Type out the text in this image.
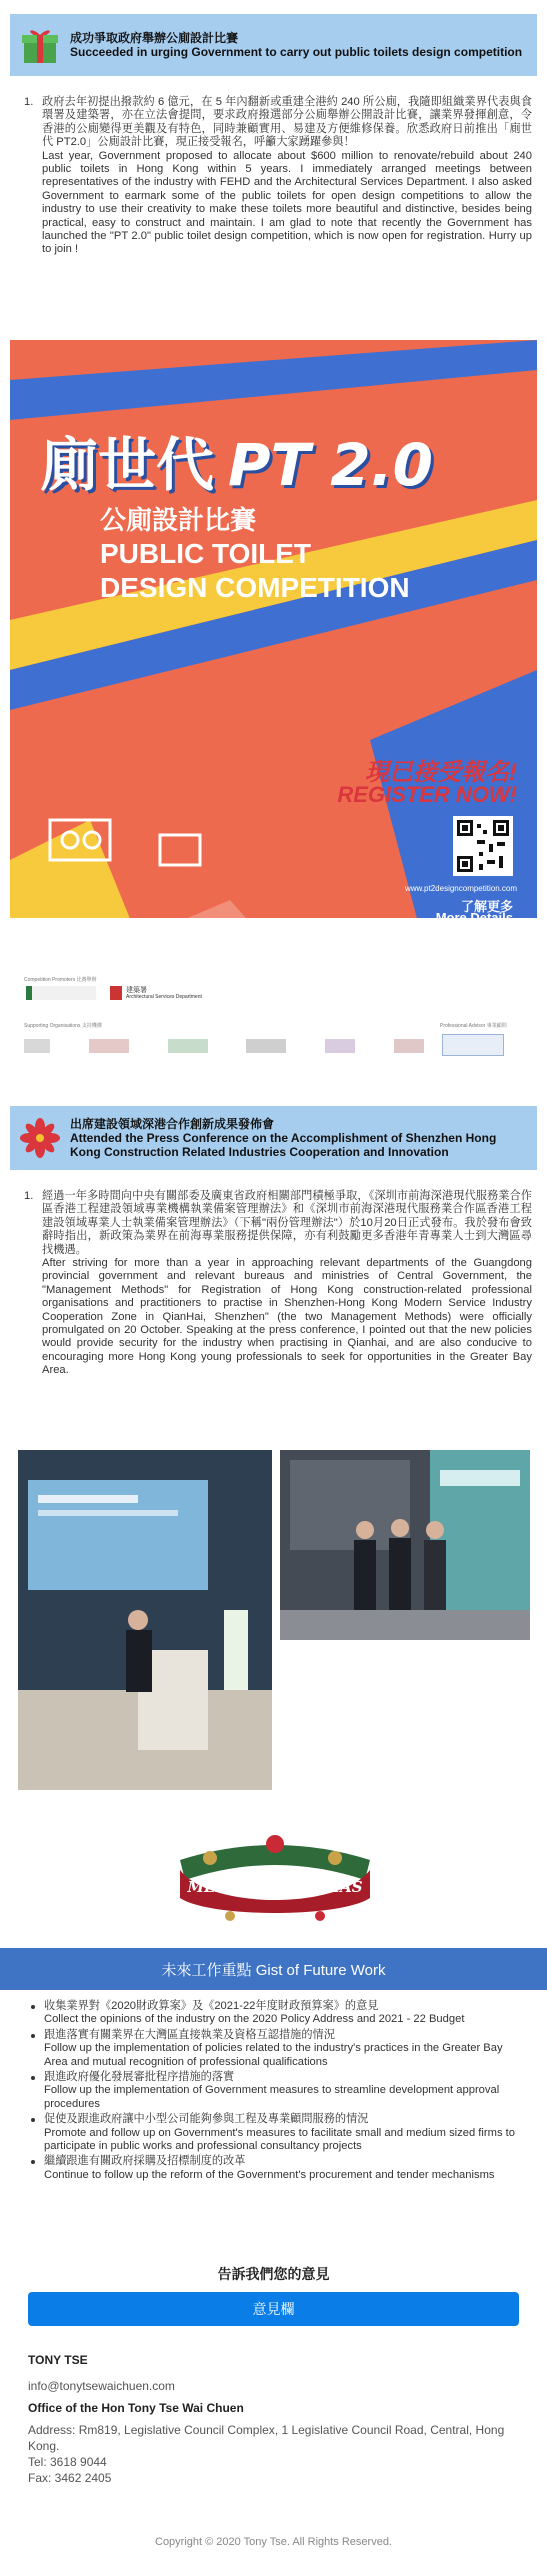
成功爭取政府舉辦公廁設計比賽
Succeeded in urging Government to carry out public toilets design competition
1. 政府去年初提出撥款約 6 億元，在 5 年內翻新或重建全港約 240 所公廁，我隨即組織業界代表與食環署及建築署，亦在立法會提問，要求政府撥選部分公廁舉辦公開設計比賽，讓業界發揮創意，令香港的公廁變得更美觀及有特色，同時兼顧實用、易建及方便維修保養。欣悉政府日前推出「廁世代 PT2.0」公廁設計比賽，現正接受報名，呼籲大家踴躍參與！

Last year, Government proposed to allocate about $600 million to renovate/rebuild about 240 public toilets in Hong Kong within 5 years. I immediately arranged meetings between representatives of the industry with FEHD and the Architectural Services Department. I also asked Government to earmark some of the public toilets for open design competitions to allow the industry to use their creativity to make these toilets more beautiful and distinctive, besides being practical, easy to construct and maintain. I am glad to note that recently the Government has launched the "PT 2.0" public toilet design competition, which is now open for registration. Hurry up to join !

廁世代 PT 2.0
公廁設計比賽
PUBLIC TOILET
DESIGN COMPETITION
現已接受報名!
REGISTER NOW!
www.pt2designcompetition.com
了解更多
More Details
Competition Promoters 比賽舉辦
建築署
Architectural Services Department
Supporting Organisations 支持機構	Professional Advisor 專業顧問
出席建設領域深港合作創新成果發佈會
Attended the Press Conference on the Accomplishment of Shenzhen Hong Kong Construction Related Industries Cooperation and Innovation
1. 經過一年多時間向中央有關部委及廣東省政府相關部門積極爭取，《深圳市前海深港現代服務業合作區香港工程建設領域專業機構執業備案管理辦法》和《深圳市前海深港現代服務業合作區香港工程建設領域專業人士執業備案管理辦法》（下稱"兩份管理辦法"）於10月20日正式發布。我於發布會致辭時指出，新政策為業界在前海專業服務提供保障，亦有利鼓勵更多香港年青專業人士到大灣區尋找機遇。

After striving for more than a year in approaching relevant departments of the Guangdong provincial government and relevant bureaus and ministries of Central Government, the "Management Methods" for Registration of Hong Kong construction-related professional organisations and practitioners to practise in Shenzhen-Hong Kong Modern Service Industry Cooperation Zone in QianHai, Shenzhen" (the two Management Methods) were officially promulgated on 20 October. Speaking at the press conference, I pointed out that the new policies would provide security for the industry when practising in Qianhai, and are also conducive to encouraging more Hong Kong young professionals to seek for opportunities in the Greater Bay Area.

MERRY CHRISTMAS
未來工作重點 Gist of Future Work
收集業界對《2020財政算案》及《2021-22年度財政預算案》的意見
Collect the opinions of the industry on the 2020 Policy Address and 2021 - 22 Budget
跟進落實有關業界在大灣區直接執業及資格互認措施的情況
Follow up the implementation of policies related to the industry's practices in the Greater Bay Area and mutual recognition of professional qualifications
跟進政府優化發展審批程序措施的落實
Follow up the implementation of Government measures to streamline development approval procedures
促使及跟進政府讓中小型公司能夠參與工程及專業顧問服務的情況
Promote and follow up on Government's measures to facilitate small and medium sized firms to participate in public works and professional consultancy projects
繼續跟進有關政府採購及招標制度的改革
Continue to follow up the reform of the Government's procurement and tender mechanisms
告訴我們您的意見
意見欄
TONY TSE
info@tonytsewaichuen.com
Office of the Hon Tony Tse Wai Chuen
Address: Rm819, Legislative Council Complex, 1 Legislative Council Road, Central, Hong Kong.
Tel: 3618 9044
Fax: 3462 2405
Copyright © 2020 Tony Tse. All Rights Reserved.
